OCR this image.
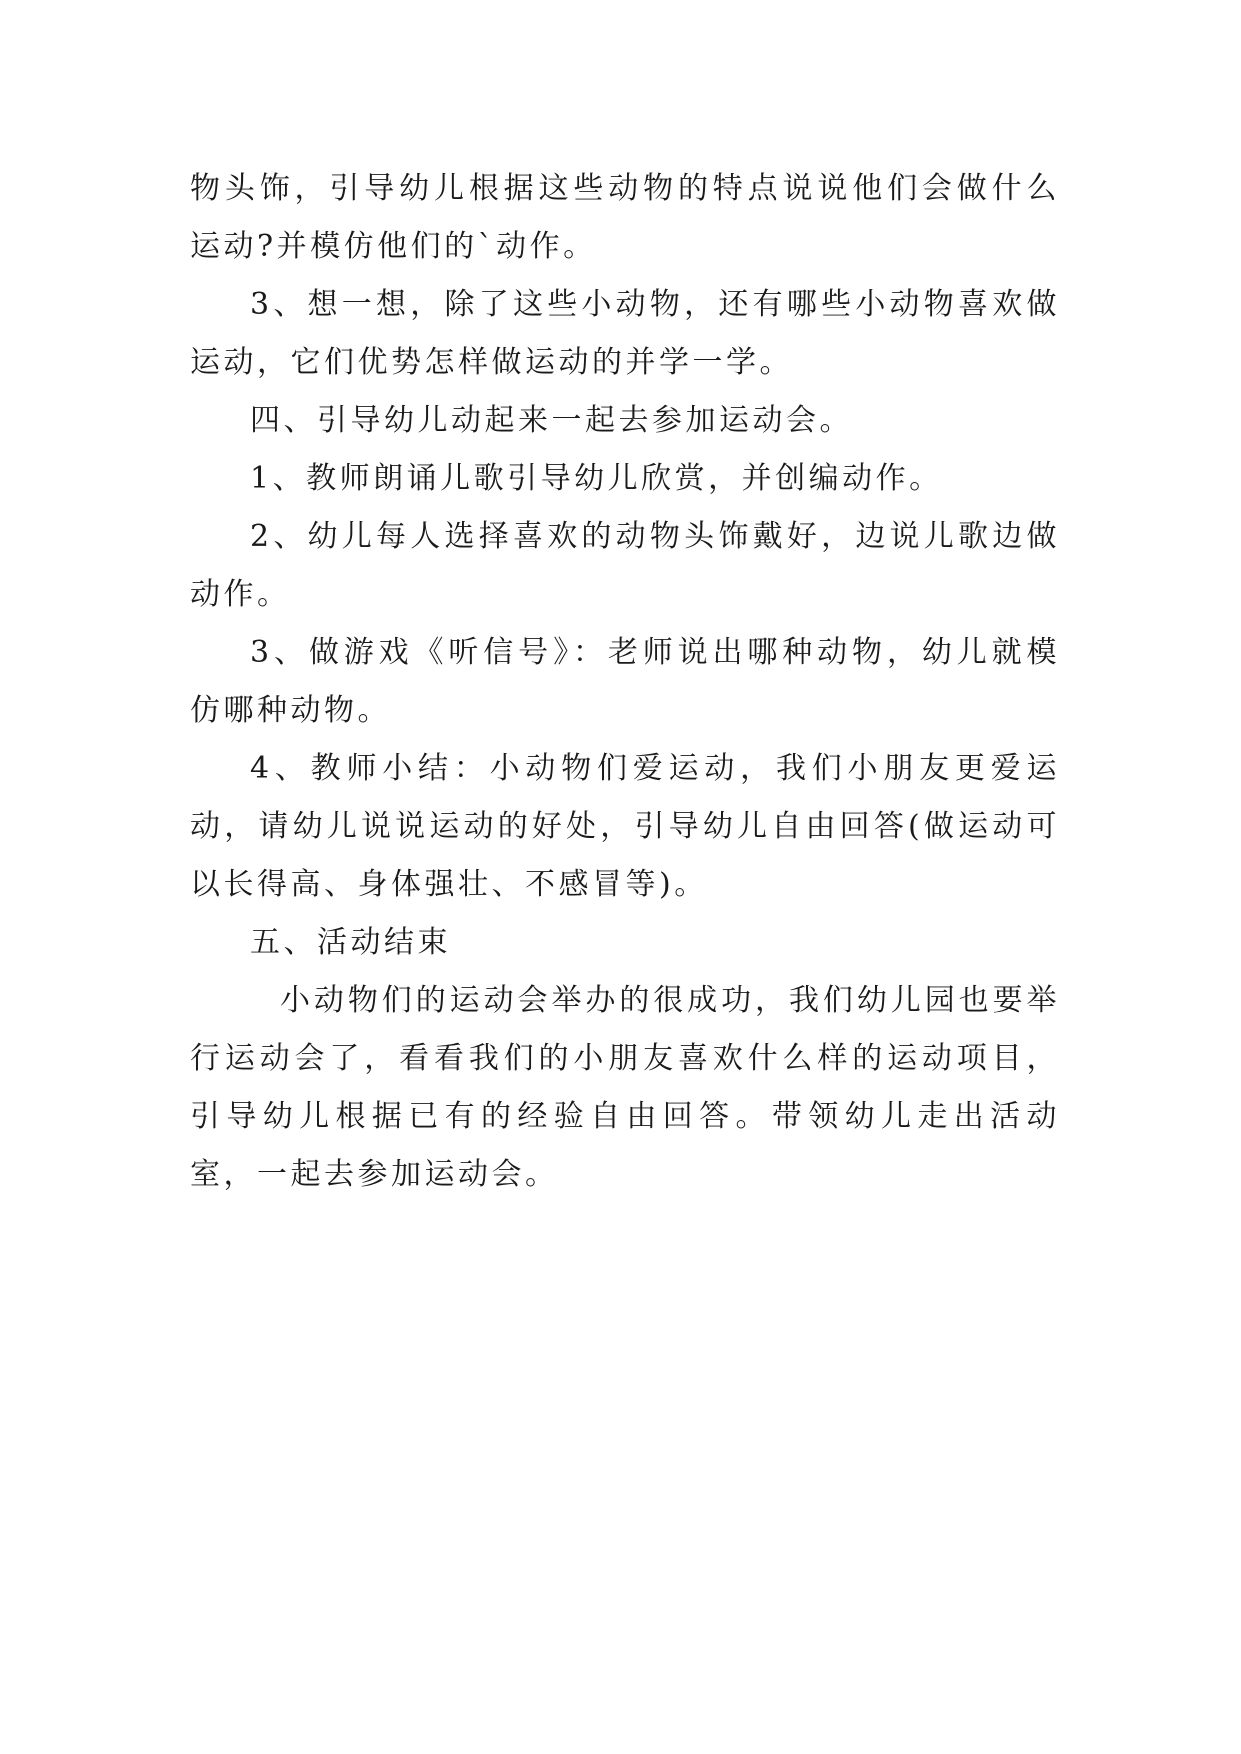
物头饰，引导幼儿根据这些动物的特点说说他们会做什么运动?并模仿他们的`动作。

3、想一想，除了这些小动物，还有哪些小动物喜欢做运动，它们优势怎样做运动的并学一学。

四、引导幼儿动起来一起去参加运动会。

1、教师朗诵儿歌引导幼儿欣赏，并创编动作。

2、幼儿每人选择喜欢的动物头饰戴好，边说儿歌边做动作。

3、做游戏《听信号》：老师说出哪种动物，幼儿就模仿哪种动物。

4、教师小结：小动物们爱运动，我们小朋友更爱运动，请幼儿说说运动的好处，引导幼儿自由回答(做运动可以长得高、身体强壮、不感冒等)。

五、活动结束

小动物们的运动会举办的很成功，我们幼儿园也要举行运动会了，看看我们的小朋友喜欢什么样的运动项目，引导幼儿根据已有的经验自由回答。带领幼儿走出活动室，一起去参加运动会。
